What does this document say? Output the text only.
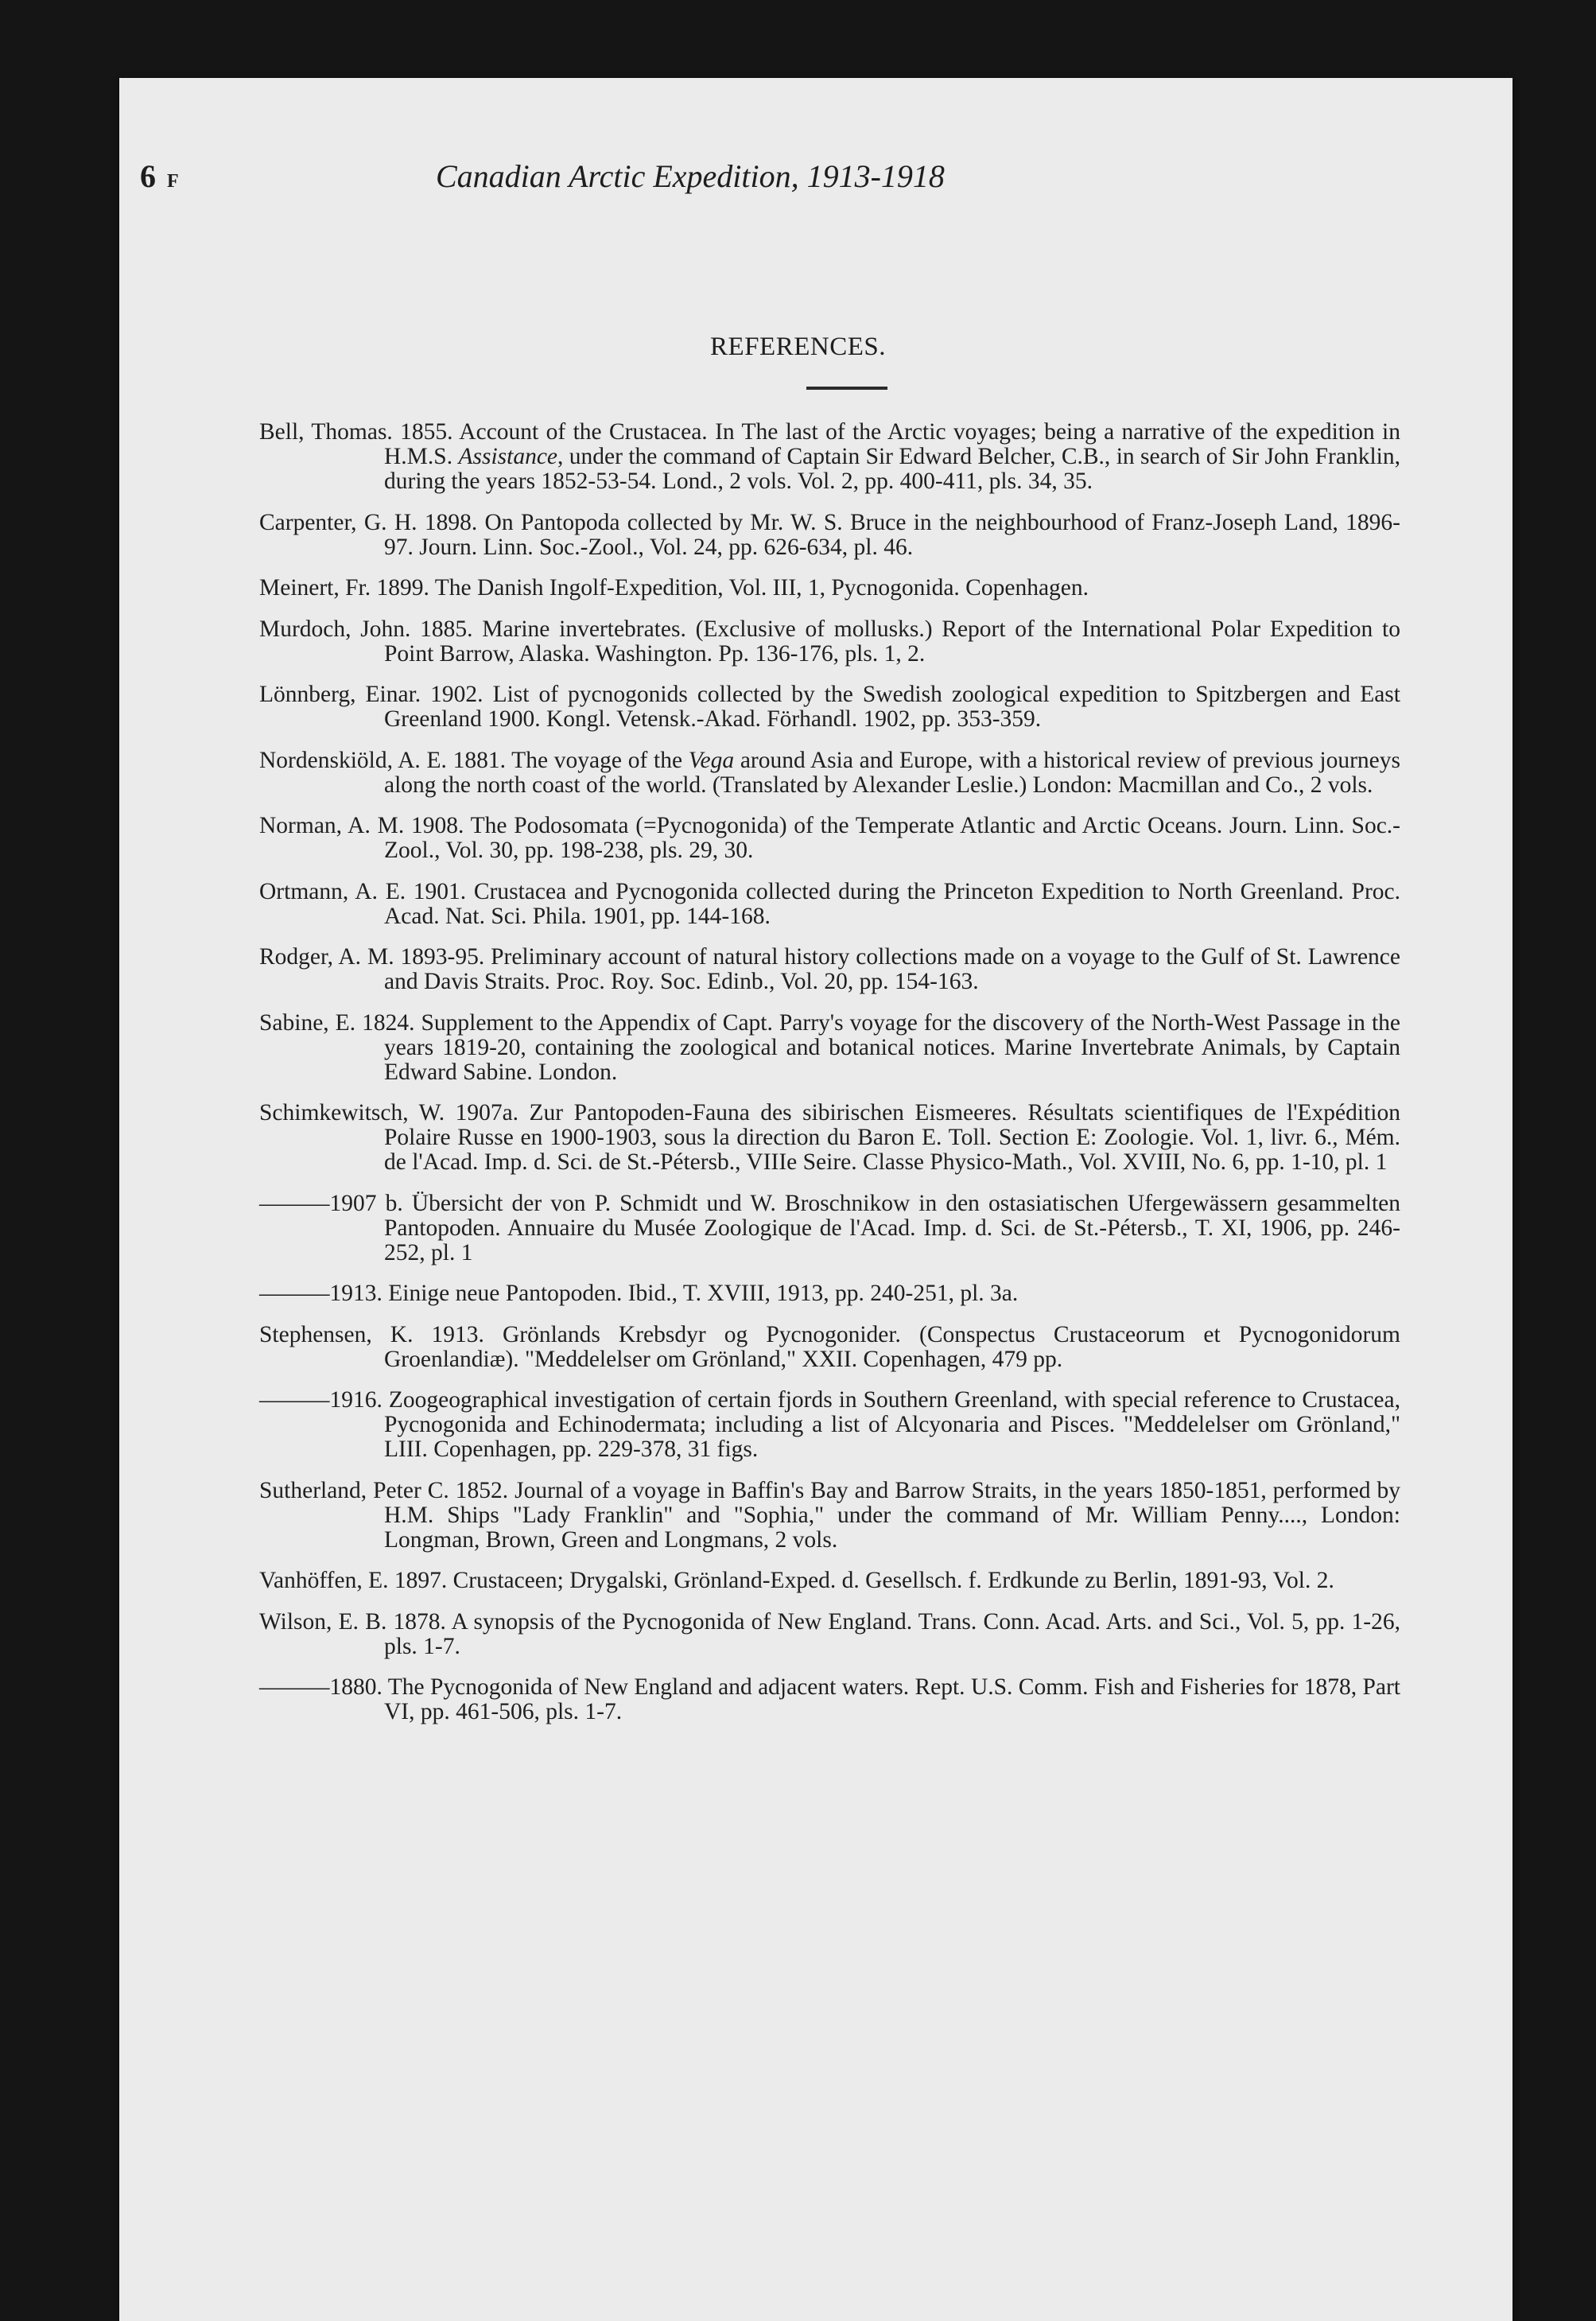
6 F	Canadian Arctic Expedition, 1913-1918
REFERENCES.

Bell, Thomas. 1855. Account of the Crustacea. In The last of the Arctic voyages; being a narrative of the expedition in H.M.S. Assistance, under the command of Captain Sir Edward Belcher, C.B., in search of Sir John Franklin, during the years 1852-53-54. Lond., 2 vols. Vol. 2, pp. 400-411, pls. 34, 35.

Carpenter, G. H. 1898. On Pantopoda collected by Mr. W. S. Bruce in the neighbourhood of Franz-Joseph Land, 1896-97. Journ. Linn. Soc.-Zool., Vol. 24, pp. 626-634, pl. 46.

Meinert, Fr. 1899. The Danish Ingolf-Expedition, Vol. III, 1, Pycnogonida. Copenhagen.

Murdoch, John. 1885. Marine invertebrates. (Exclusive of mollusks.) Report of the International Polar Expedition to Point Barrow, Alaska. Washington. Pp. 136-176, pls. 1, 2.

Lönnberg, Einar. 1902. List of pycnogonids collected by the Swedish zoological expedition to Spitzbergen and East Greenland 1900. Kongl. Vetensk.-Akad. Förhandl. 1902, pp. 353-359.

Nordenskiöld, A. E. 1881. The voyage of the Vega around Asia and Europe, with a historical review of previous journeys along the north coast of the world. (Translated by Alexander Leslie.) London: Macmillan and Co., 2 vols.

Norman, A. M. 1908. The Podosomata (=Pycnogonida) of the Temperate Atlantic and Arctic Oceans. Journ. Linn. Soc.-Zool., Vol. 30, pp. 198-238, pls. 29, 30.

Ortmann, A. E. 1901. Crustacea and Pycnogonida collected during the Princeton Expedition to North Greenland. Proc. Acad. Nat. Sci. Phila. 1901, pp. 144-168.

Rodger, A. M. 1893-95. Preliminary account of natural history collections made on a voyage to the Gulf of St. Lawrence and Davis Straits. Proc. Roy. Soc. Edinb., Vol. 20, pp. 154-163.

Sabine, E. 1824. Supplement to the Appendix of Capt. Parry's voyage for the discovery of the North-West Passage in the years 1819-20, containing the zoological and botanical notices. Marine Invertebrate Animals, by Captain Edward Sabine. London.

Schimkewitsch, W. 1907a. Zur Pantopoden-Fauna des sibirischen Eismeeres. Résultats scientifiques de l'Expédition Polaire Russe en 1900-1903, sous la direction du Baron E. Toll. Section E: Zoologie. Vol. 1, livr. 6., Mém. de l'Acad. Imp. d. Sci. de St.-Pétersb., VIIIe Seire. Classe Physico-Math., Vol. XVIII, No. 6, pp. 1-10, pl. 1

———1907 b. Übersicht der von P. Schmidt und W. Broschnikow in den ostasiatischen Ufergewässern gesammelten Pantopoden. Annuaire du Musée Zoologique de l'Acad. Imp. d. Sci. de St.-Pétersb., T. XI, 1906, pp. 246-252, pl. 1

———1913. Einige neue Pantopoden. Ibid., T. XVIII, 1913, pp. 240-251, pl. 3a.

Stephensen, K. 1913. Grönlands Krebsdyr og Pycnogonider. (Conspectus Crustaceorum et Pycnogonidorum Groenlandiæ). "Meddelelser om Grönland," XXII. Copenhagen, 479 pp.

———1916. Zoogeographical investigation of certain fjords in Southern Greenland, with special reference to Crustacea, Pycnogonida and Echinodermata; including a list of Alcyonaria and Pisces. "Meddelelser om Grönland," LIII. Copenhagen, pp. 229-378, 31 figs.

Sutherland, Peter C. 1852. Journal of a voyage in Baffin's Bay and Barrow Straits, in the years 1850-1851, performed by H.M. Ships "Lady Franklin" and "Sophia," under the command of Mr. William Penny...., London: Longman, Brown, Green and Longmans, 2 vols.

Vanhöffen, E. 1897. Crustaceen; Drygalski, Grönland-Exped. d. Gesellsch. f. Erdkunde zu Berlin, 1891-93, Vol. 2.

Wilson, E. B. 1878. A synopsis of the Pycnogonida of New England. Trans. Conn. Acad. Arts. and Sci., Vol. 5, pp. 1-26, pls. 1-7.

———1880. The Pycnogonida of New England and adjacent waters. Rept. U.S. Comm. Fish and Fisheries for 1878, Part VI, pp. 461-506, pls. 1-7.
